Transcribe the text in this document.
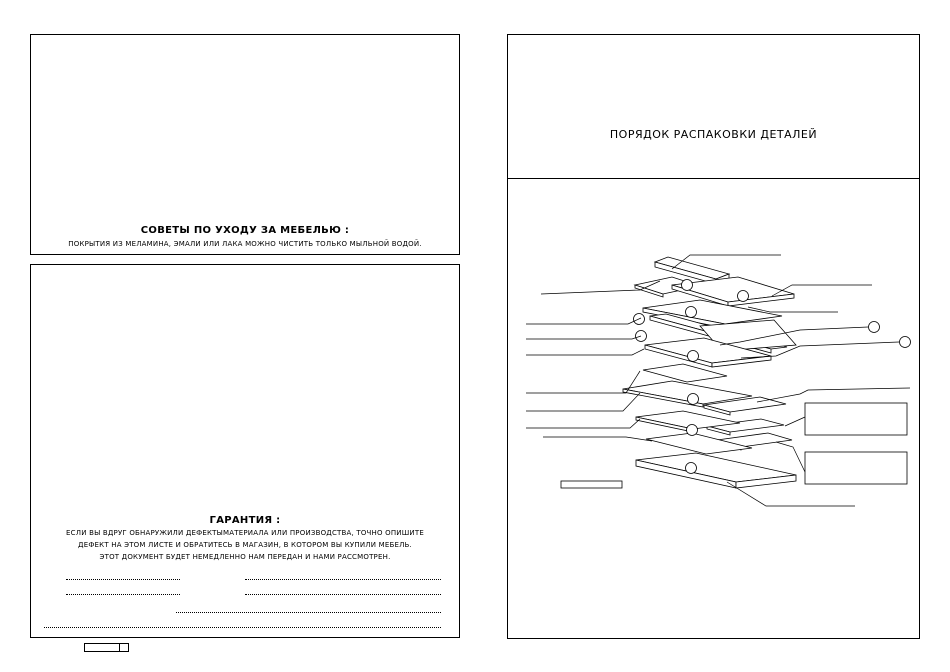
СОВЕТЫ ПО УХОДУ ЗА МЕБЕЛЬЮ :
ПОКРЫТИЯ ИЗ МЕЛАМИНА, ЭМАЛИ ИЛИ ЛАКА МОЖНО ЧИСТИТЬ ТОЛЬКО МЫЛЬНОЙ ВОДОЙ.
ГАРАНТИЯ :
ЕСЛИ ВЫ ВДРУГ ОБНАРУЖИЛИ ДЕФЕКТЫМАТЕРИАЛА ИЛИ ПРОИЗВОДСТВА, ТОЧНО ОПИШИТЕ
ДЕФЕКТ НА ЭТОМ ЛИСТЕ И ОБРАТИТЕСЬ В МАГАЗИН, В КОТОРОМ ВЫ КУПИЛИ МЕБЕЛЬ.
ЭТОТ ДОКУМЕНТ БУДЕТ НЕМЕДЛЕННО НАМ ПЕРЕДАН И НАМИ РАССМОТРЕН.
ПОРЯДОК РАСПАКОВКИ ДЕТАЛЕЙ
